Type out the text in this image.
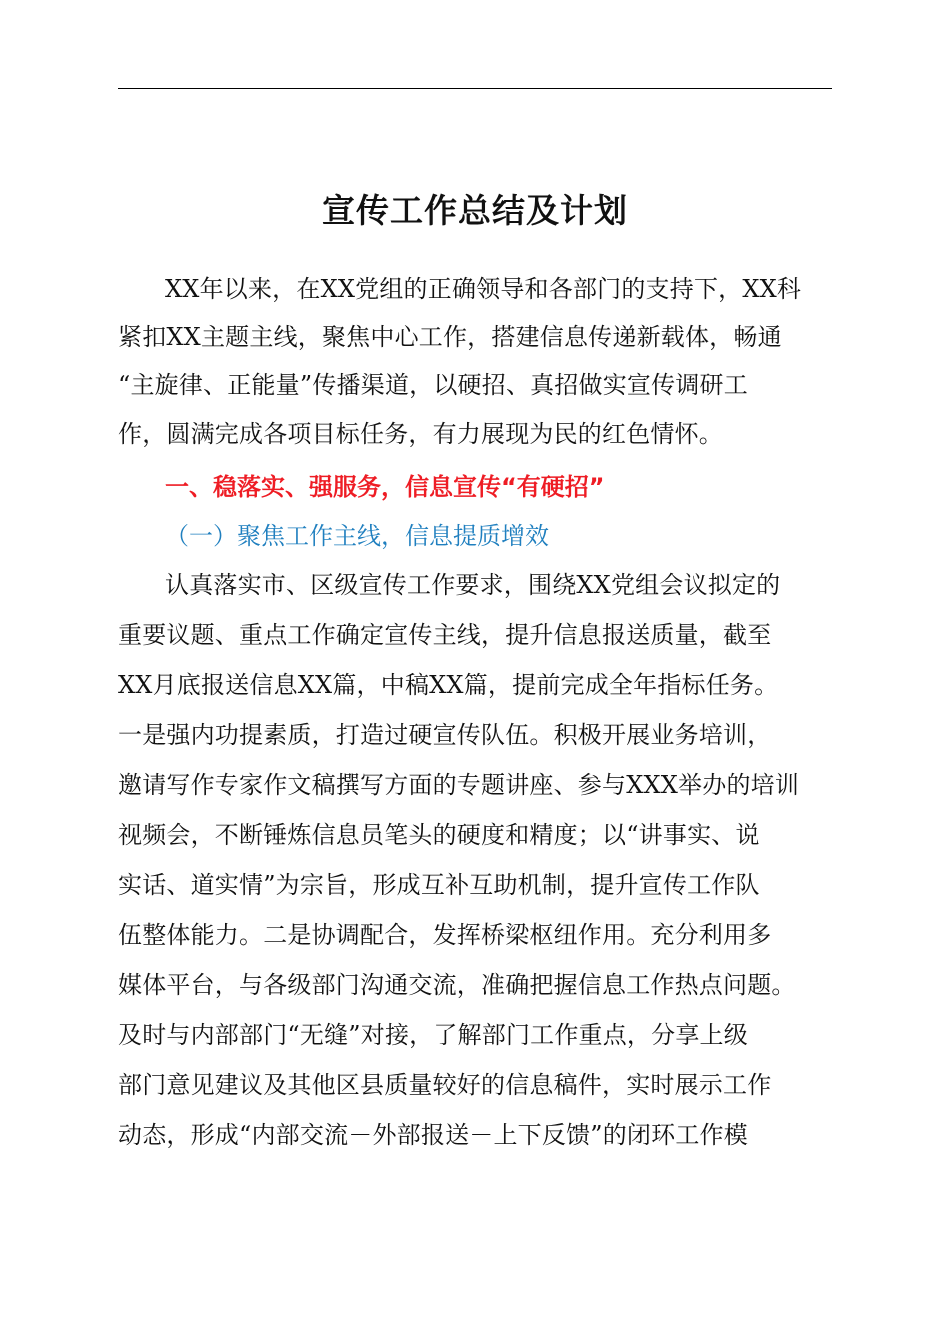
宣传工作总结及计划
XX年以来，在XX党组的正确领导和各部门的支持下，XX科
紧扣XX主题主线，聚焦中心工作，搭建信息传递新载体，畅通
“主旋律、正能量”传播渠道，以硬招、真招做实宣传调研工
作，圆满完成各项目标任务，有力展现为民的红色情怀。
一、稳落实、强服务，信息宣传“有硬招”
（一）聚焦工作主线，信息提质增效
认真落实市、区级宣传工作要求，围绕XX党组会议拟定的
重要议题、重点工作确定宣传主线，提升信息报送质量，截至
XX月底报送信息XX篇，中稿XX篇，提前完成全年指标任务。
一是强内功提素质，打造过硬宣传队伍。积极开展业务培训，
邀请写作专家作文稿撰写方面的专题讲座、参与XXX举办的培训
视频会，不断锤炼信息员笔头的硬度和精度；以“讲事实、说
实话、道实情”为宗旨，形成互补互助机制，提升宣传工作队
伍整体能力。二是协调配合，发挥桥梁枢纽作用。充分利用多
媒体平台，与各级部门沟通交流，准确把握信息工作热点问题。
及时与内部部门“无缝”对接，了解部门工作重点，分享上级
部门意见建议及其他区县质量较好的信息稿件，实时展示工作
动态，形成“内部交流－外部报送－上下反馈”的闭环工作模
